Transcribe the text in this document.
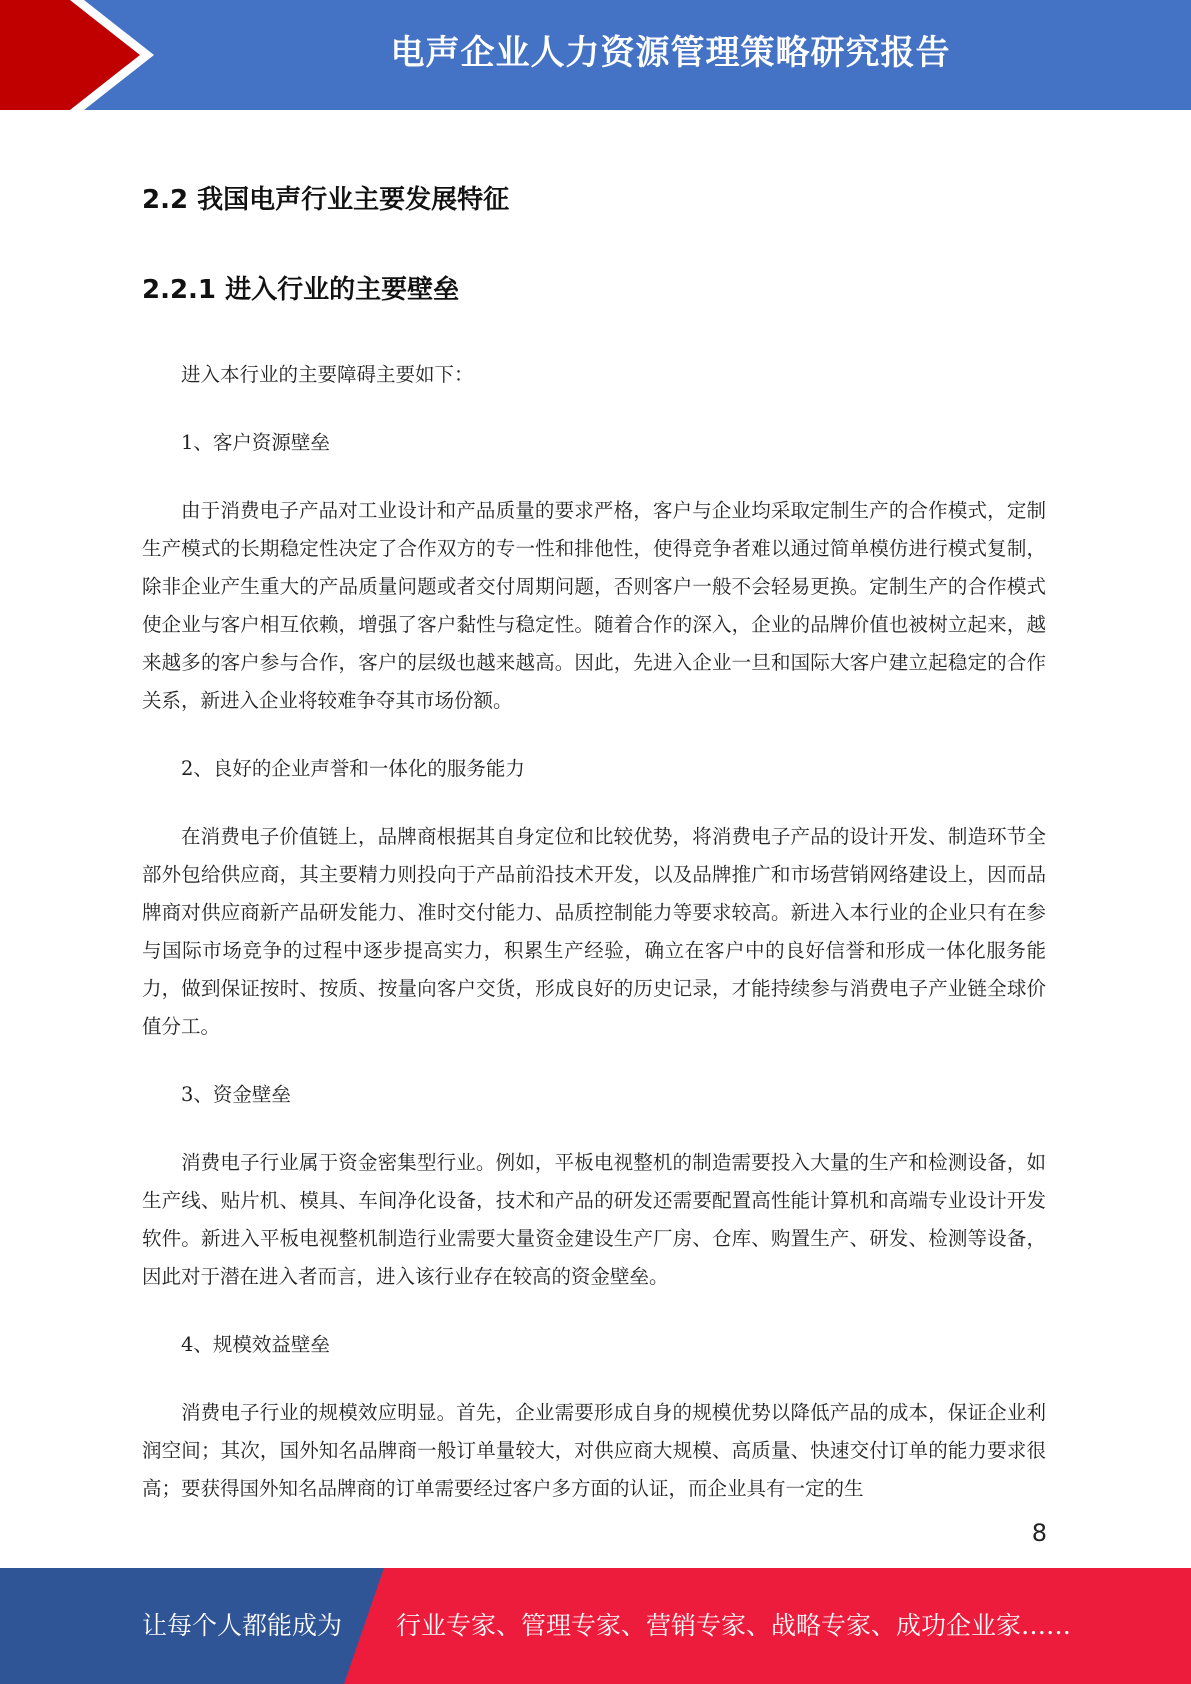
电声企业人力资源管理策略研究报告
2.2 我国电声行业主要发展特征
2.2.1 进入行业的主要壁垒

进入本行业的主要障碍主要如下：

1、客户资源壁垒

由于消费电子产品对工业设计和产品质量的要求严格，客户与企业均采取定制生产的合作模式，定制生产模式的长期稳定性决定了合作双方的专一性和排他性，使得竞争者难以通过简单模仿进行模式复制，除非企业产生重大的产品质量问题或者交付周期问题，否则客户一般不会轻易更换。定制生产的合作模式使企业与客户相互依赖，增强了客户黏性与稳定性。随着合作的深入，企业的品牌价值也被树立起来，越来越多的客户参与合作，客户的层级也越来越高。因此，先进入企业一旦和国际大客户建立起稳定的合作关系，新进入企业将较难争夺其市场份额。

2、良好的企业声誉和一体化的服务能力

在消费电子价值链上，品牌商根据其自身定位和比较优势，将消费电子产品的设计开发、制造环节全部外包给供应商，其主要精力则投向于产品前沿技术开发，以及品牌推广和市场营销网络建设上，因而品牌商对供应商新产品研发能力、准时交付能力、品质控制能力等要求较高。新进入本行业的企业只有在参与国际市场竞争的过程中逐步提高实力，积累生产经验，确立在客户中的良好信誉和形成一体化服务能力，做到保证按时、按质、按量向客户交货，形成良好的历史记录，才能持续参与消费电子产业链全球价值分工。

3、资金壁垒

消费电子行业属于资金密集型行业。例如，平板电视整机的制造需要投入大量的生产和检测设备，如生产线、贴片机、模具、车间净化设备，技术和产品的研发还需要配置高性能计算机和高端专业设计开发软件。新进入平板电视整机制造行业需要大量资金建设生产厂房、仓库、购置生产、研发、检测等设备，因此对于潜在进入者而言，进入该行业存在较高的资金壁垒。

4、规模效益壁垒

消费电子行业的规模效应明显。首先，企业需要形成自身的规模优势以降低产品的成本，保证企业利润空间；其次，国外知名品牌商一般订单量较大，对供应商大规模、高质量、快速交付订单的能力要求很高；要获得国外知名品牌商的订单需要经过客户多方面的认证，而企业具有一定的生

8
让每个人都能成为 行业专家、管理专家、营销专家、战略专家、成功企业家……
